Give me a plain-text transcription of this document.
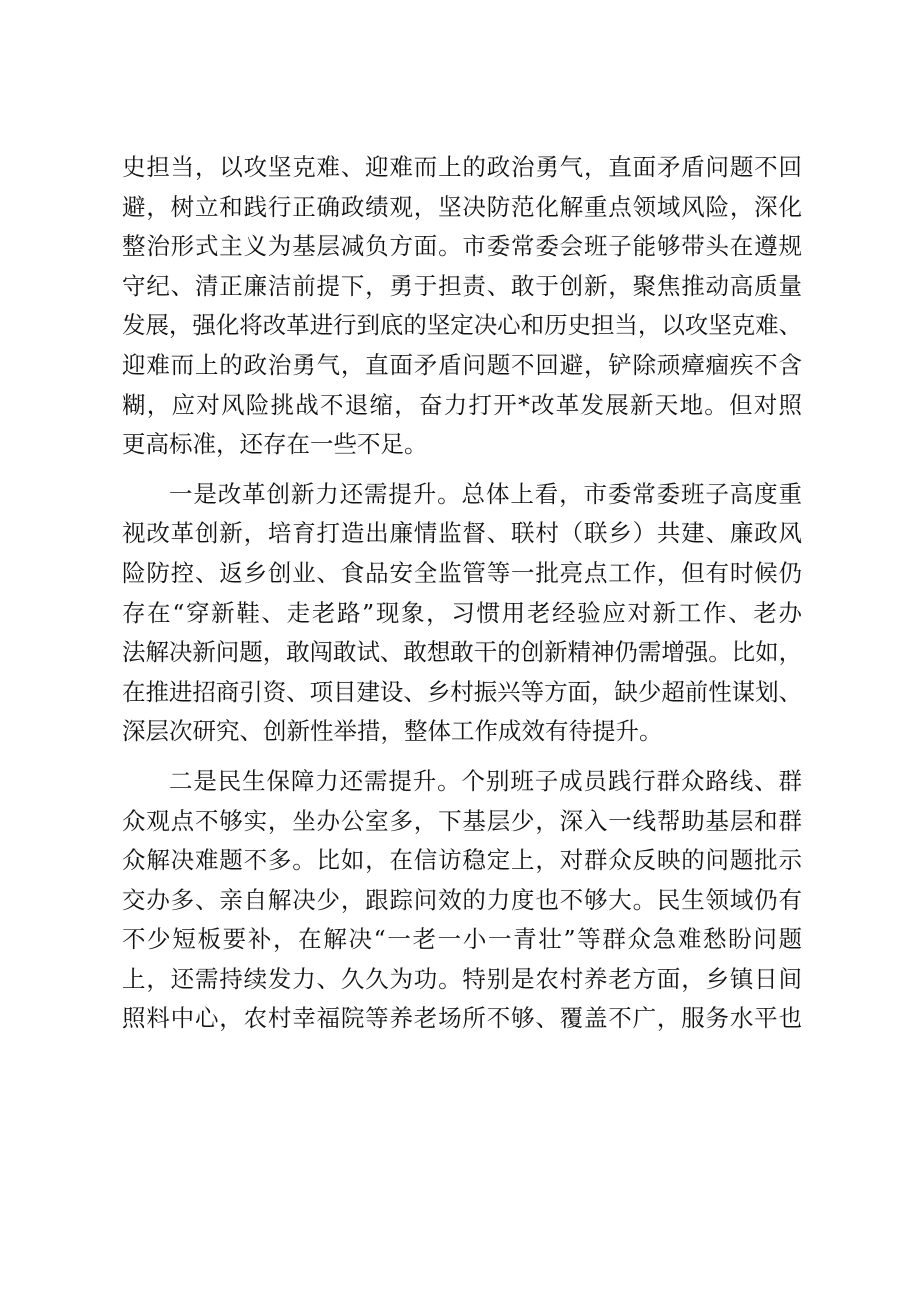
史担当，以攻坚克难、迎难而上的政治勇气，直面矛盾问题不回
避，树立和践行正确政绩观，坚决防范化解重点领域风险，深化
整治形式主义为基层减负方面。市委常委会班子能够带头在遵规
守纪、清正廉洁前提下，勇于担责、敢于创新，聚焦推动高质量
发展，强化将改革进行到底的坚定决心和历史担当，以攻坚克难、
迎难而上的政治勇气，直面矛盾问题不回避，铲除顽瘴痼疾不含
糊，应对风险挑战不退缩，奋力打开*改革发展新天地。但对照
更高标准，还存在一些不足。

一是改革创新力还需提升。总体上看，市委常委班子高度重
视改革创新，培育打造出廉情监督、联村（联乡）共建、廉政风
险防控、返乡创业、食品安全监管等一批亮点工作，但有时候仍
存在“穿新鞋、走老路”现象，习惯用老经验应对新工作、老办
法解决新问题，敢闯敢试、敢想敢干的创新精神仍需增强。比如，
在推进招商引资、项目建设、乡村振兴等方面，缺少超前性谋划、
深层次研究、创新性举措，整体工作成效有待提升。

二是民生保障力还需提升。个别班子成员践行群众路线、群
众观点不够实，坐办公室多，下基层少，深入一线帮助基层和群
众解决难题不多。比如，在信访稳定上，对群众反映的问题批示
交办多、亲自解决少，跟踪问效的力度也不够大。民生领域仍有
不少短板要补，在解决“一老一小一青壮”等群众急难愁盼问题
上，还需持续发力、久久为功。特别是农村养老方面，乡镇日间
照料中心，农村幸福院等养老场所不够、覆盖不广，服务水平也
